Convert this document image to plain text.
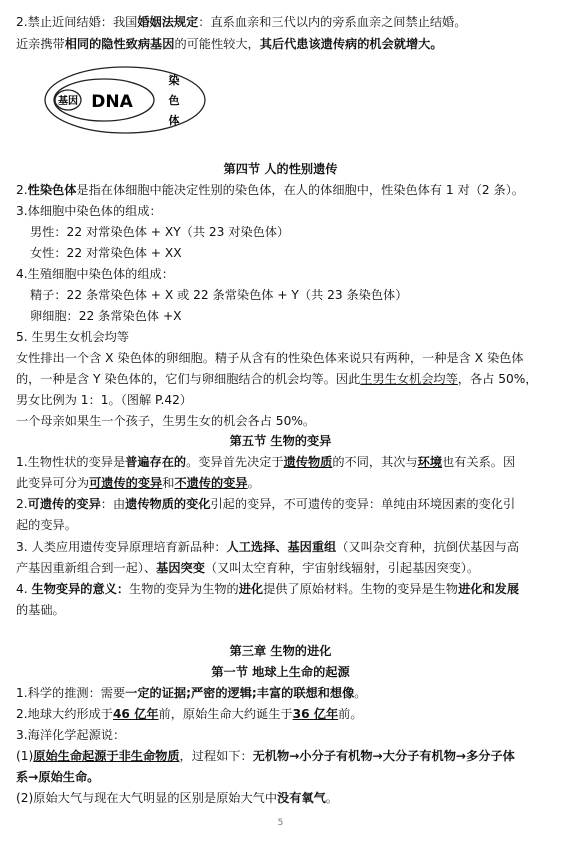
2.禁止近间结婚：我国婚姻法规定：直系血亲和三代以内的旁系血亲之间禁止结婚。
近亲携带相同的隐性致病基因的可能性较大，其后代患该遗传病的机会就增大。
基因 DNA
染
色
体
第四节 人的性别遗传
2.性染色体是指在体细胞中能决定性别的染色体，在人的体细胞中，性染色体有 1 对（2 条）。
3.体细胞中染色体的组成：
男性：22 对常染色体 + XY（共 23 对染色体）
女性：22 对常染色体 + XX
4.生殖细胞中染色体的组成：
精子：22 条常染色体 + X 或 22 条常染色体 + Y（共 23 条染色体）
卵细胞：22 条常染色体 +X
5. 生男生女机会均等
女性排出一个含 X 染色体的卵细胞。精子从含有的性染色体来说只有两种，一种是含 X 染色体
的，一种是含 Y 染色体的，它们与卵细胞结合的机会均等。因此生男生女机会均等，各占 50%，
男女比例为 1：1。（图解 P.42）
一个母亲如果生一个孩子，生男生女的机会各占 50%。
第五节 生物的变异
1.生物性状的变异是普遍存在的。变异首先决定于遗传物质的不同，其次与环境也有关系。因
此变异可分为可遗传的变异和不遗传的变异。
2.可遗传的变异：由遗传物质的变化引起的变异，不可遗传的变异：单纯由环境因素的变化引
起的变异。
3. 人类应用遗传变异原理培育新品种：人工选择、基因重组（又叫杂交育种，抗倒伏基因与高
产基因重新组合到一起）、基因突变（又叫太空育种，宇宙射线辐射，引起基因突变）。
4. 生物变异的意义：生物的变异为生物的进化提供了原始材料。生物的变异是生物进化和发展
的基础。
第三章 生物的进化
第一节 地球上生命的起源
1.科学的推测：需要一定的证据;严密的逻辑;丰富的联想和想像。
2.地球大约形成于46 亿年前，原始生命大约诞生于36 亿年前。
3.海洋化学起源说：
(1)原始生命起源于非生命物质，过程如下：无机物→小分子有机物→大分子有机物→多分子体
系→原始生命。
(2)原始大气与现在大气明显的区别是原始大气中没有氧气。
5
